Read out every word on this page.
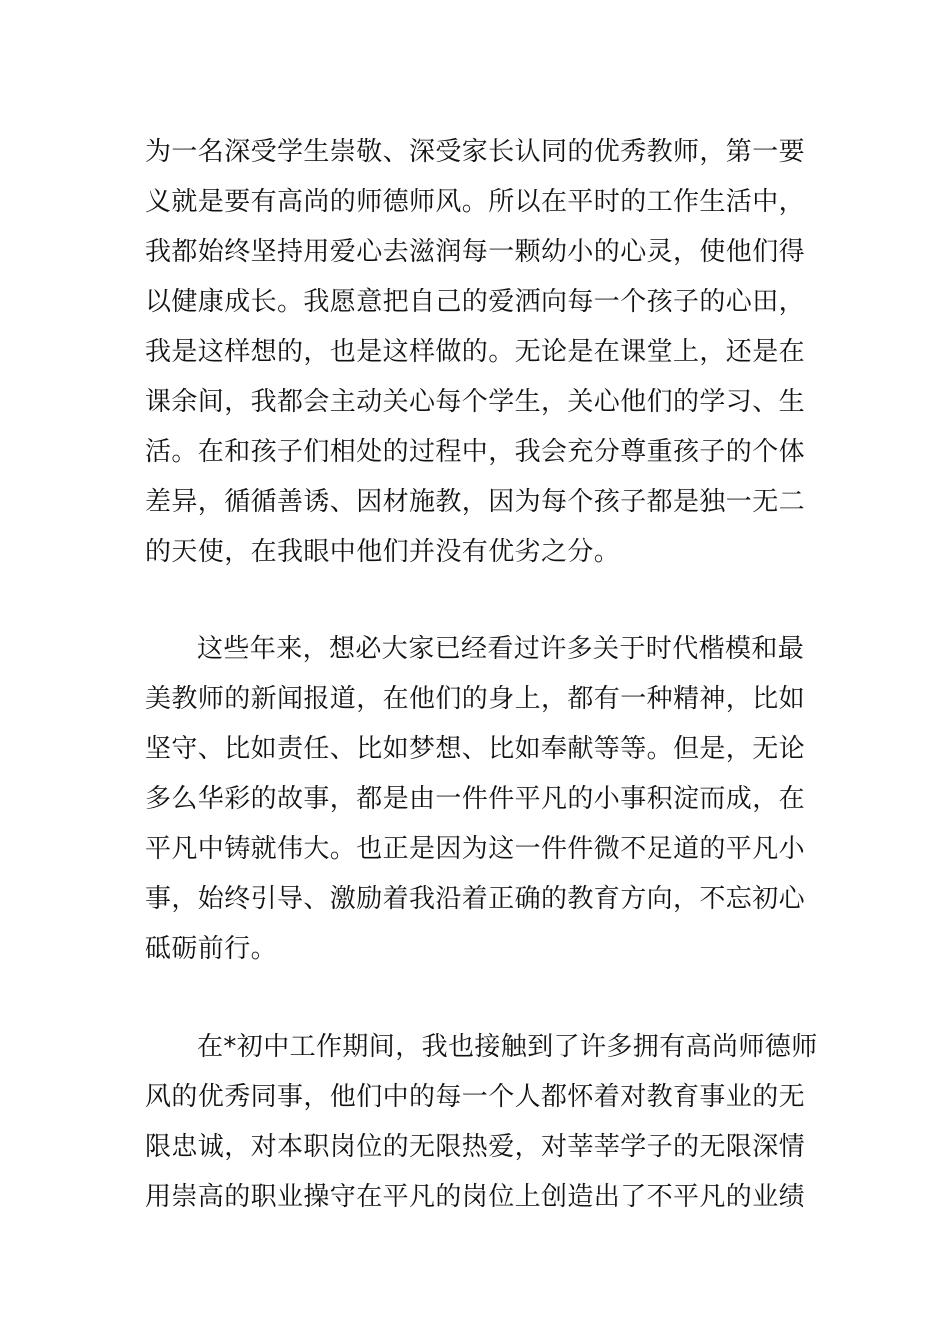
为一名深受学生崇敬、深受家长认同的优秀教师，第一要
义就是要有高尚的师德师风。所以在平时的工作生活中，
我都始终坚持用爱心去滋润每一颗幼小的心灵，使他们得
以健康成长。我愿意把自己的爱洒向每一个孩子的心田，
我是这样想的，也是这样做的。无论是在课堂上，还是在
课余间，我都会主动关心每个学生，关心他们的学习、生
活。在和孩子们相处的过程中，我会充分尊重孩子的个体
差异，循循善诱、因材施教，因为每个孩子都是独一无二
的天使，在我眼中他们并没有优劣之分。
这些年来，想必大家已经看过许多关于时代楷模和最
美教师的新闻报道，在他们的身上，都有一种精神，比如
坚守、比如责任、比如梦想、比如奉献等等。但是，无论
多么华彩的故事，都是由一件件平凡的小事积淀而成，在
平凡中铸就伟大。也正是因为这一件件微不足道的平凡小
事，始终引导、激励着我沿着正确的教育方向，不忘初心
砥砺前行。
在*初中工作期间，我也接触到了许多拥有高尚师德师
风的优秀同事，他们中的每一个人都怀着对教育事业的无
限忠诚，对本职岗位的无限热爱，对莘莘学子的无限深情
用崇高的职业操守在平凡的岗位上创造出了不平凡的业绩
